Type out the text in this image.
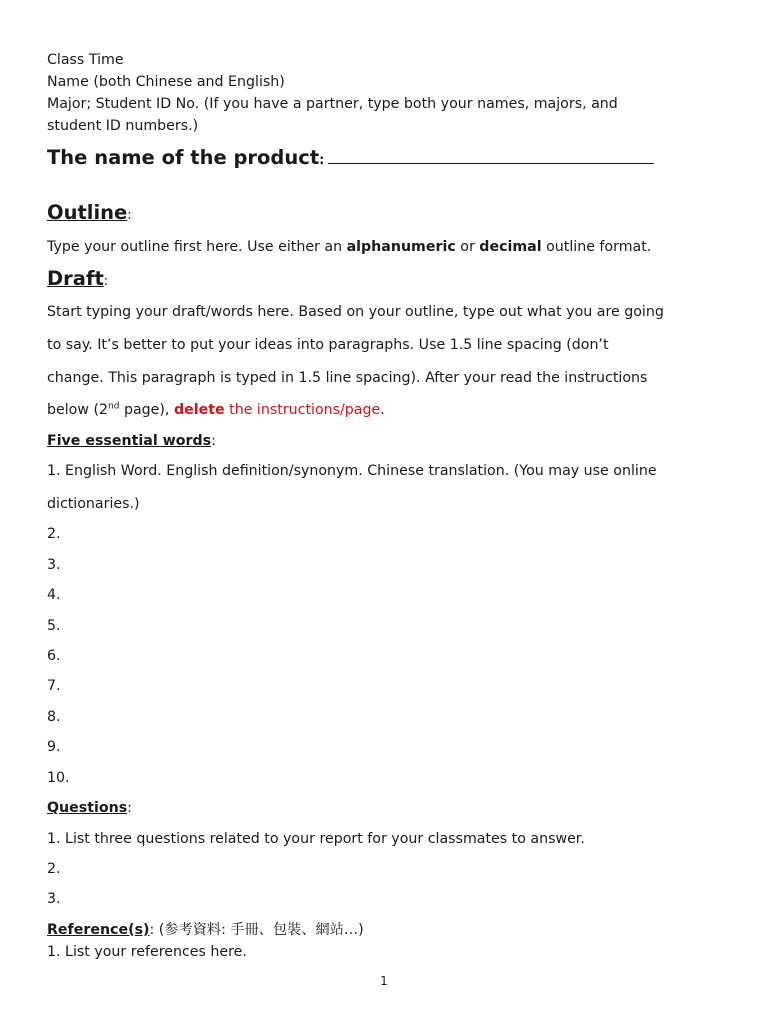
Class Time
Name (both Chinese and English)
Major; Student ID No. (If you have a partner, type both your names, majors, and
student ID numbers.)
The name of the product:
Outline:
Type your outline first here. Use either an alphanumeric or decimal outline format.
Draft:
Start typing your draft/words here. Based on your outline, type out what you are going
to say. It’s better to put your ideas into paragraphs. Use 1.5 line spacing (don’t
change. This paragraph is typed in 1.5 line spacing). After your read the instructions
below (2nd page), delete the instructions/page.
Five essential words:
1. English Word. English definition/synonym. Chinese translation. (You may use online
dictionaries.)
2.
3.
4.
5.
6.
7.
8.
9.
10.
Questions:
1. List three questions related to your report for your classmates to answer.
2.
3.
Reference(s): (参考資料: 手冊、包裝、網站…)
1. List your references here.
1
